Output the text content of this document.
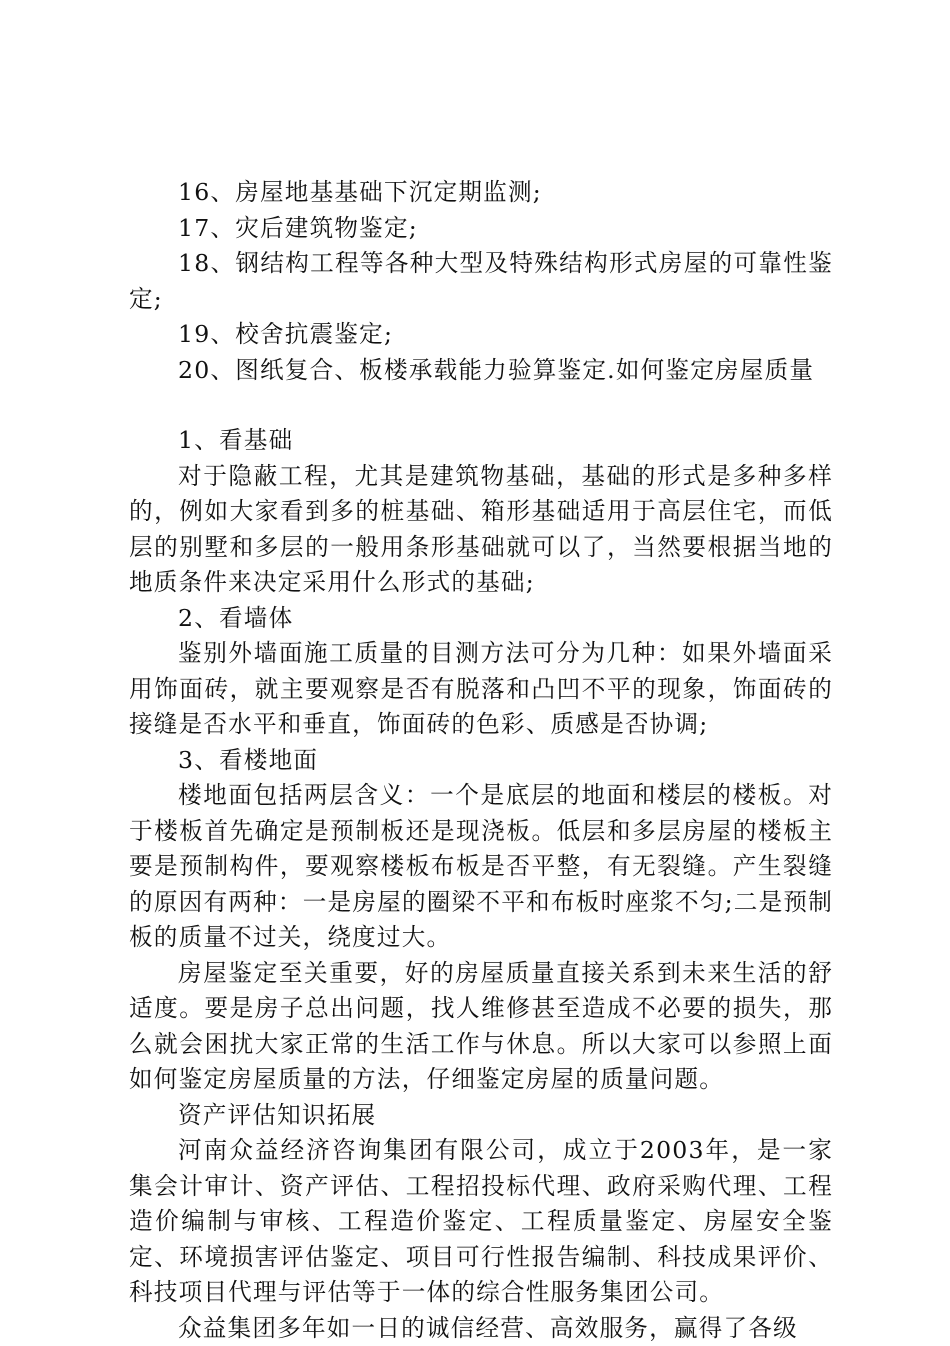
16、房屋地基基础下沉定期监测;

17、灾后建筑物鉴定;

18、钢结构工程等各种大型及特殊结构形式房屋的可靠性鉴定;

19、校舍抗震鉴定;

20、图纸复合、板楼承载能力验算鉴定.如何鉴定房屋质量

1、看基础

对于隐蔽工程，尤其是建筑物基础，基础的形式是多种多样的，例如大家看到多的桩基础、箱形基础适用于高层住宅，而低层的别墅和多层的一般用条形基础就可以了，当然要根据当地的地质条件来决定采用什么形式的基础;

2、看墙体

鉴别外墙面施工质量的目测方法可分为几种：如果外墙面采用饰面砖，就主要观察是否有脱落和凸凹不平的现象，饰面砖的接缝是否水平和垂直，饰面砖的色彩、质感是否协调;

3、看楼地面

楼地面包括两层含义：一个是底层的地面和楼层的楼板。对于楼板首先确定是预制板还是现浇板。低层和多层房屋的楼板主要是预制构件，要观察楼板布板是否平整，有无裂缝。产生裂缝的原因有两种：一是房屋的圈梁不平和布板时座浆不匀;二是预制板的质量不过关，绕度过大。

房屋鉴定至关重要，好的房屋质量直接关系到未来生活的舒适度。要是房子总出问题，找人维修甚至造成不必要的损失，那么就会困扰大家正常的生活工作与休息。所以大家可以参照上面如何鉴定房屋质量的方法，仔细鉴定房屋的质量问题。

资产评估知识拓展

河南众益经济咨询集团有限公司，成立于2003年，是一家集会计审计、资产评估、工程招投标代理、政府采购代理、工程造价编制与审核、工程造价鉴定、工程质量鉴定、房屋安全鉴定、环境损害评估鉴定、项目可行性报告编制、科技成果评价、科技项目代理与评估等于一体的综合性服务集团公司。

众益集团多年如一日的诚信经营、高效服务，赢得了各级
